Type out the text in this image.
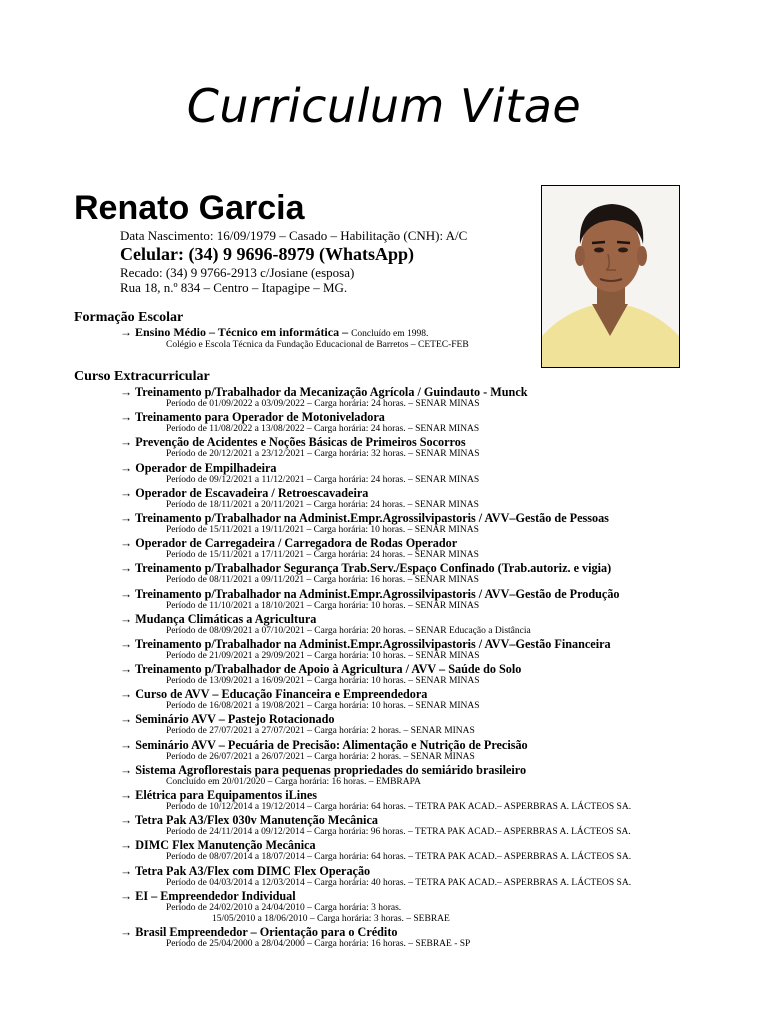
Curriculum Vitae
Renato Garcia
Data Nascimento: 16/09/1979 – Casado – Habilitação (CNH): A/C
Celular: (34) 9 9696-8979 (WhatsApp)
Recado: (34) 9 9766-2913 c/Josiane (esposa)
Rua 18, n.º 834 – Centro – Itapagipe – MG.
Formação Escolar
→ Ensino Médio – Técnico em informática – Concluído em 1998.
Colégio e Escola Técnica da Fundação Educacional de Barretos – CETEC-FEB
Curso Extracurricular
→ Treinamento p/Trabalhador da Mecanização Agrícola / Guindauto - Munck
Período de 01/09/2022 a 03/09/2022 – Carga horária: 24 horas. – SENAR MINAS
→ Treinamento para Operador de Motoniveladora
Período de 11/08/2022 a 13/08/2022 – Carga horária: 24 horas. – SENAR MINAS
→ Prevenção de Acidentes e Noções Básicas de Primeiros Socorros
Período de 20/12/2021 a 23/12/2021 – Carga horária: 32 horas. – SENAR MINAS
→ Operador de Empilhadeira
Período de 09/12/2021 a 11/12/2021 – Carga horária: 24 horas. – SENAR MINAS
→ Operador de Escavadeira / Retroescavadeira
Período de 18/11/2021 a 20/11/2021 – Carga horária: 24 horas. – SENAR MINAS
→ Treinamento p/Trabalhador na Administ.Empr.Agrossilvipastoris / AVV–Gestão de Pessoas
Período de 15/11/2021 a 19/11/2021 – Carga horária: 10 horas. – SENAR MINAS
→ Operador de Carregadeira / Carregadora de Rodas Operador
Período de 15/11/2021 a 17/11/2021 – Carga horária: 24 horas. – SENAR MINAS
→ Treinamento p/Trabalhador Segurança Trab.Serv./Espaço Confinado (Trab.autoriz. e vigia)
Período de 08/11/2021 a 09/11/2021 – Carga horária: 16 horas. – SENAR MINAS
→ Treinamento p/Trabalhador na Administ.Empr.Agrossilvipastoris / AVV–Gestão de Produção
Período de 11/10/2021 a 18/10/2021 – Carga horária: 10 horas. – SENAR MINAS
→ Mudança Climáticas a Agricultura
Período de 08/09/2021 a 07/10/2021 – Carga horária: 20 horas. – SENAR Educação a Distância
→ Treinamento p/Trabalhador na Administ.Empr.Agrossilvipastoris / AVV–Gestão Financeira
Período de 21/09/2021 a 29/09/2021 – Carga horária: 10 horas. – SENAR MINAS
→ Treinamento p/Trabalhador de Apoio à Agricultura / AVV – Saúde do Solo
Período de 13/09/2021 a 16/09/2021 – Carga horária: 10 horas. – SENAR MINAS
→ Curso de AVV – Educação Financeira e Empreendedora
Período de 16/08/2021 a 19/08/2021 – Carga horária: 10 horas. – SENAR MINAS
→ Seminário AVV – Pastejo Rotacionado
Período de 27/07/2021 a 27/07/2021 – Carga horária: 2 horas. – SENAR MINAS
→ Seminário AVV – Pecuária de Precisão: Alimentação e Nutrição de Precisão
Período de 26/07/2021 a 26/07/2021 – Carga horária: 2 horas. – SENAR MINAS
→ Sistema Agroflorestais para pequenas propriedades do semiárido brasileiro
Concluído em 20/01/2020 – Carga horária: 16 horas. – EMBRAPA
→ Elétrica para Equipamentos iLines
Período de 10/12/2014 a 19/12/2014 – Carga horária: 64 horas. – TETRA PAK ACAD.– ASPERBRAS A. LÁCTEOS SA.
→ Tetra Pak A3/Flex 030v Manutenção Mecânica
Período de 24/11/2014 a 09/12/2014 – Carga horária: 96 horas. – TETRA PAK ACAD.– ASPERBRAS A. LÁCTEOS SA.
→ DIMC Flex Manutenção Mecânica
Período de 08/07/2014 a 18/07/2014 – Carga horária: 64 horas. – TETRA PAK ACAD.– ASPERBRAS A. LÁCTEOS SA.
→ Tetra Pak A3/Flex com DIMC Flex Operação
Período de 04/03/2014 a 12/03/2014 – Carga horária: 40 horas. – TETRA PAK ACAD.– ASPERBRAS A. LÁCTEOS SA.
→ EI – Empreendedor Individual
Período de 24/02/2010 a 24/04/2010 – Carga horária: 3 horas.
15/05/2010 a 18/06/2010 – Carga horária: 3 horas. – SEBRAE
→ Brasil Empreendedor – Orientação para o Crédito
Período de 25/04/2000 a 28/04/2000 – Carga horária: 16 horas. – SEBRAE - SP
